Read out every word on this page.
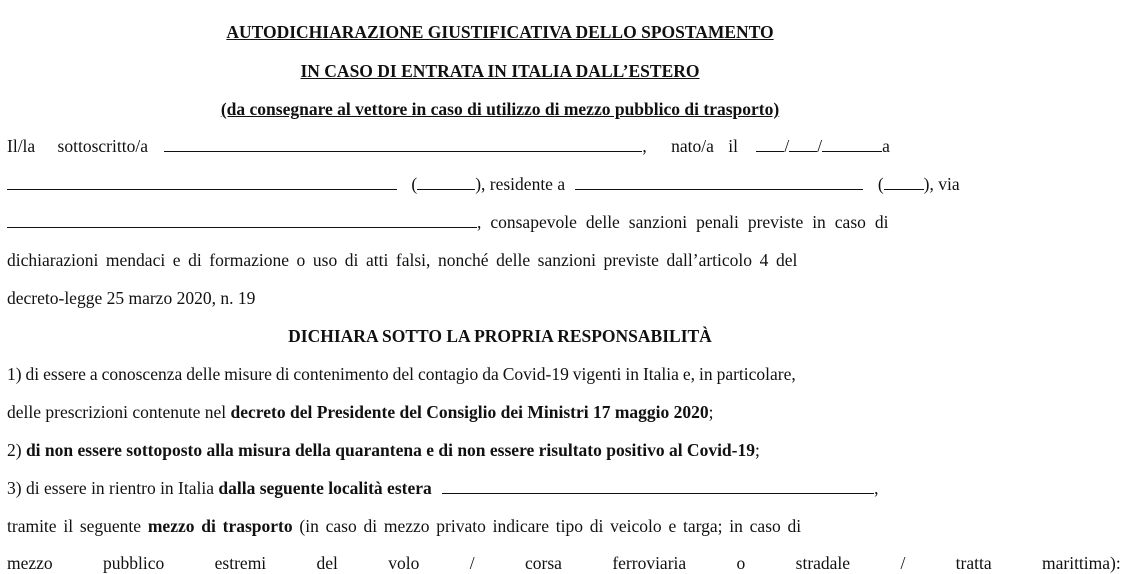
AUTODICHIARAZIONE GIUSTIFICATIVA DELLO SPOSTAMENTO
IN CASO DI ENTRATA IN ITALIA DALL’ESTERO
(da consegnare al vettore in caso di utilizzo di mezzo pubblico di trasporto)
Il/la sottoscritto/a	, nato/a il	/ /	a
(	), residente a	( ), via
, consapevole delle sanzioni penali previste in caso di
dichiarazioni mendaci e di formazione o uso di atti falsi, nonché delle sanzioni previste dall’articolo 4 del
decreto-legge 25 marzo 2020, n. 19
DICHIARA SOTTO LA PROPRIA RESPONSABILITÀ
1) di essere a conoscenza delle misure di contenimento del contagio da Covid-19 vigenti in Italia e, in particolare,
delle prescrizioni contenute nel decreto del Presidente del Consiglio dei Ministri 17 maggio 2020;
2) di non essere sottoposto alla misura della quarantena e di non essere risultato positivo al Covid-19;
3) di essere in rientro in Italia dalla seguente località estera	,
tramite il seguente mezzo di trasporto (in caso di mezzo privato indicare tipo di veicolo e targa; in caso di
mezzo pubblico estremi del volo / corsa ferroviaria o stradale / tratta marittima):
